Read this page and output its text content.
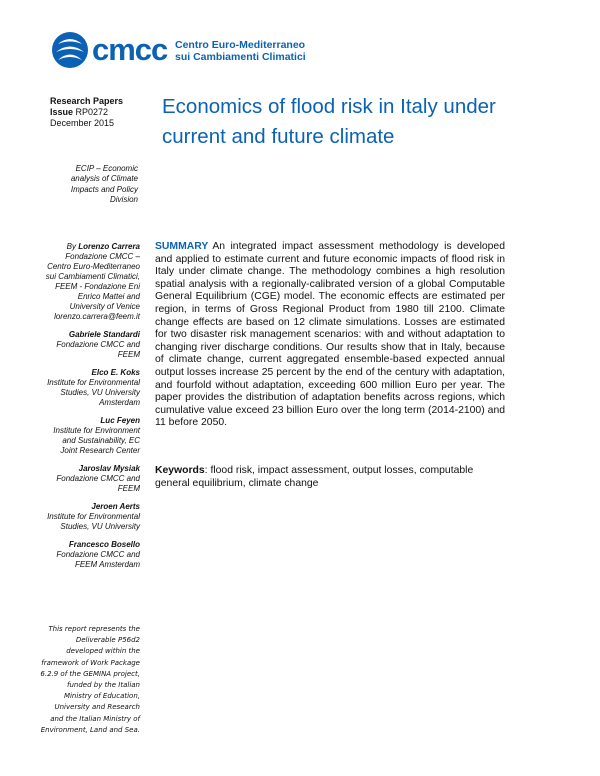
cmcc Centro Euro-Mediterraneo
sui Cambiamenti Climatici
Research Papers
Issue RP0272
December 2015
ECIP – Economic analysis of Climate Impacts and Policy Division
Economics of flood risk in Italy under current and future climate
By Lorenzo Carrera
Fondazione CMCC – Centro Euro-Mediterraneo sui Cambiamenti Climatici, FEEM - Fondazione Eni Enrico Mattei and University of Venice
lorenzo.carrera@feem.it
Gabriele Standardi
Fondazione CMCC and FEEM
Elco E. Koks
Institute for Environmental Studies, VU University Amsterdam
Luc Feyen
Institute for Environment and Sustainability, EC Joint Research Center
Jaroslav Mysiak
Fondazione CMCC and FEEM
Jeroen Aerts
Institute for Environmental Studies, VU University
Francesco Bosello
Fondazione CMCC and FEEM Amsterdam
SUMMARY An integrated impact assessment methodology is developed and applied to estimate current and future economic impacts of flood risk in Italy under climate change. The methodology combines a high resolution spatial analysis with a regionally-calibrated version of a global Computable General Equilibrium (CGE) model. The economic effects are estimated per region, in terms of Gross Regional Product from 1980 till 2100. Climate change effects are based on 12 climate simulations. Losses are estimated for two disaster risk management scenarios: with and without adaptation to changing river discharge conditions. Our results show that in Italy, because of climate change, current aggregated ensemble-based expected annual output losses increase 25 percent by the end of the century with adaptation, and fourfold without adaptation, exceeding 600 million Euro per year. The paper provides the distribution of adaptation benefits across regions, which cumulative value exceed 23 billion Euro over the long term (2014-2100) and 11 before 2050.
Keywords: flood risk, impact assessment, output losses, computable general equilibrium, climate change
This report represents the Deliverable P56d2 developed within the framework of Work Package 6.2.9 of the GEMINA project, funded by the Italian Ministry of Education, University and Research and the Italian Ministry of Environment, Land and Sea.
